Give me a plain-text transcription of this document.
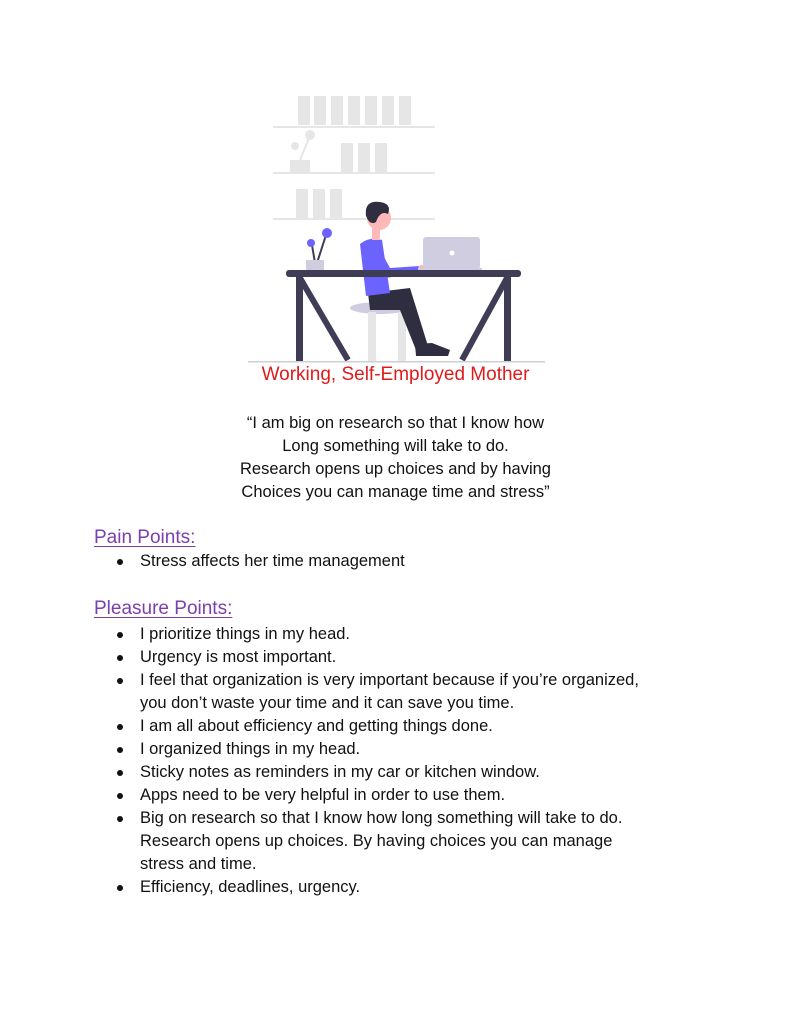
Working, Self-Employed Mother
“I am big on research so that I know how
Long something will take to do.
Research opens up choices and by having
Choices you can manage time and stress”
Pain Points:
Stress affects her time management
Pleasure Points:
I prioritize things in my head.
Urgency is most important.
I feel that organization is very important because if you’re organized,
you don’t waste your time and it can save you time.
I am all about efficiency and getting things done.
I organized things in my head.
Sticky notes as reminders in my car or kitchen window.
Apps need to be very helpful in order to use them.
Big on research so that I know how long something will take to do.
Research opens up choices. By having choices you can manage
stress and time.
Efficiency, deadlines, urgency.
